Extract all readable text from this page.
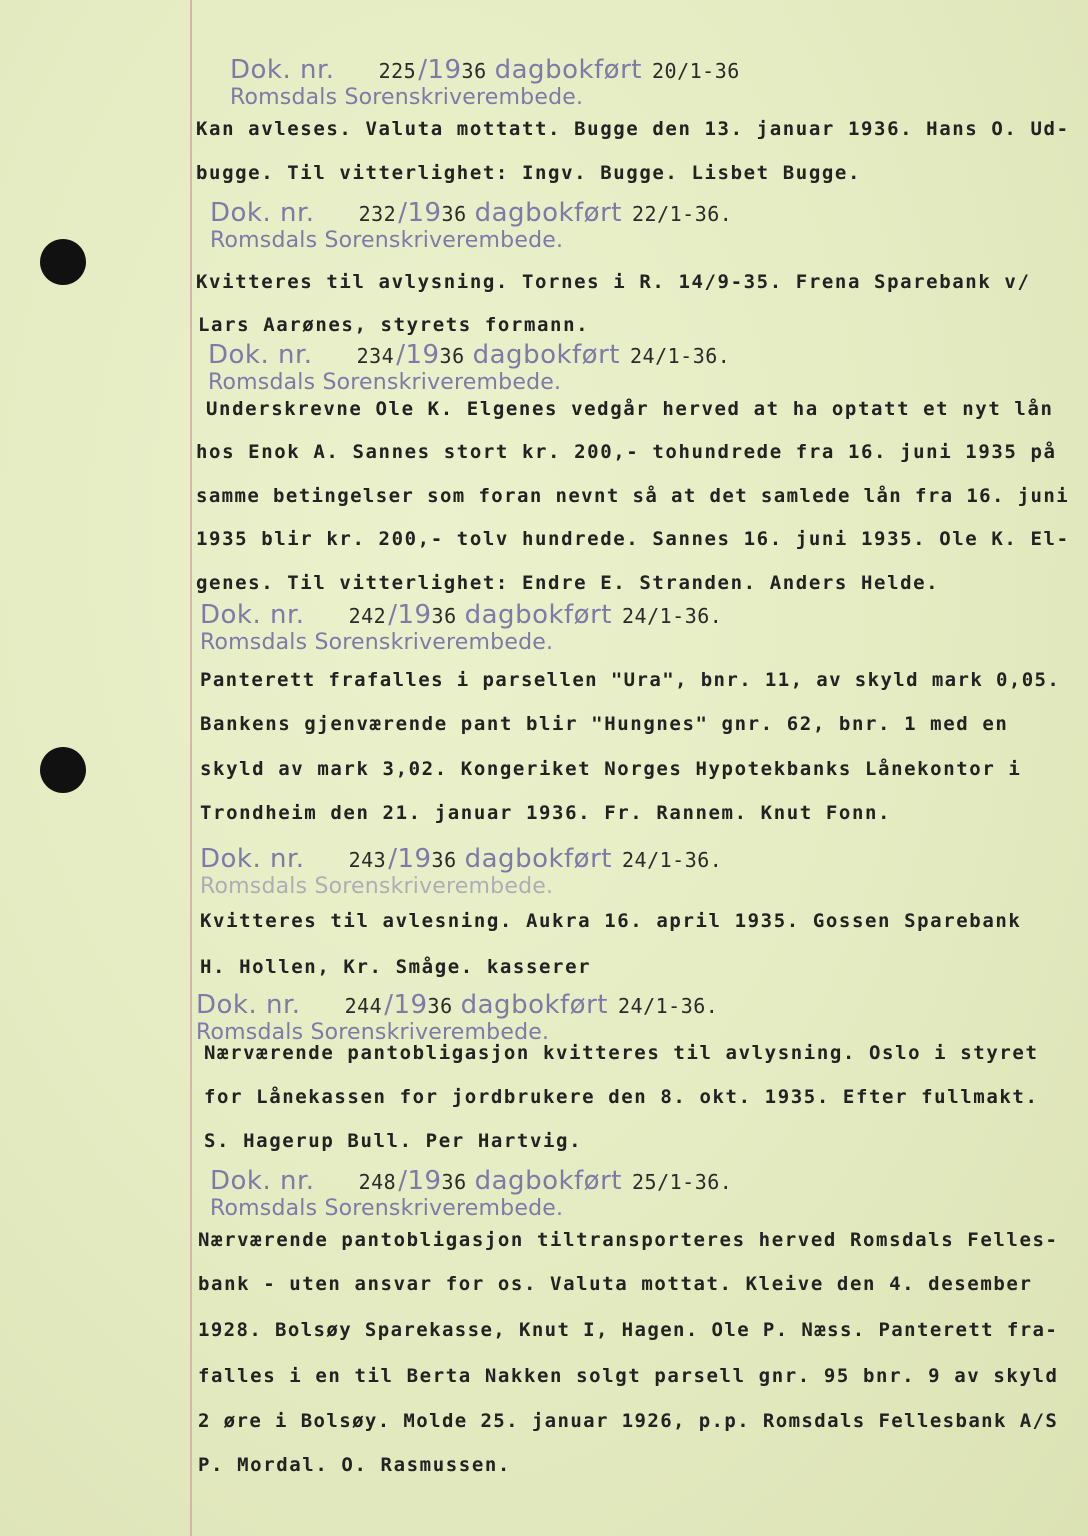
Dok. nr. 225 /19 36 dagbokført 20/1-36
Romsdals Sorenskriverembede.
Kan avleses. Valuta mottatt. Bugge den 13. januar 1936. Hans O. Ud-
bugge. Til vitterlighet: Ingv. Bugge. Lisbet Bugge.
Dok. nr. 232 /19 36 dagbokført 22/1-36.
Romsdals Sorenskriverembede.
Kvitteres til avlysning. Tornes i R. 14/9-35. Frena Sparebank v/
Lars Aarønes, styrets formann.
Dok. nr. 234 /19 36 dagbokført 24/1-36.
Romsdals Sorenskriverembede.
Underskrevne Ole K. Elgenes vedgår herved at ha optatt et nyt lån
hos Enok A. Sannes stort kr. 200,- tohundrede fra 16. juni 1935 på
samme betingelser som foran nevnt så at det samlede lån fra 16. juni
1935 blir kr. 200,- tolv hundrede. Sannes 16. juni 1935. Ole K. El-
genes. Til vitterlighet: Endre E. Stranden. Anders Helde.
Dok. nr. 242 /19 36 dagbokført 24/1-36.
Romsdals Sorenskriverembede.
Panterett frafalles i parsellen "Ura", bnr. 11, av skyld mark 0,05.
Bankens gjenværende pant blir "Hungnes" gnr. 62, bnr. 1 med en
skyld av mark 3,02. Kongeriket Norges Hypotekbanks Lånekontor i
Trondheim den 21. januar 1936. Fr. Rannem. Knut Fonn.
Dok. nr. 243 /19 36 dagbokført 24/1-36.
Romsdals Sorenskriverembede.
Kvitteres til avlesning. Aukra 16. april 1935. Gossen Sparebank
H. Hollen, Kr. Småge. kasserer
Dok. nr. 244 /19 36 dagbokført 24/1-36.
Romsdals Sorenskriverembede.
Nærværende pantobligasjon kvitteres til avlysning. Oslo i styret
for Lånekassen for jordbrukere den 8. okt. 1935. Efter fullmakt.
S. Hagerup Bull. Per Hartvig.
Dok. nr. 248 /19 36 dagbokført 25/1-36.
Romsdals Sorenskriverembede.
Nærværende pantobligasjon tiltransporteres herved Romsdals Felles-
bank - uten ansvar for os. Valuta mottat. Kleive den 4. desember
1928. Bolsøy Sparekasse, Knut I, Hagen. Ole P. Næss. Panterett fra-
falles i en til Berta Nakken solgt parsell gnr. 95 bnr. 9 av skyld
2 øre i Bolsøy. Molde 25. januar 1926, p.p. Romsdals Fellesbank A/S
P. Mordal. O. Rasmussen.
